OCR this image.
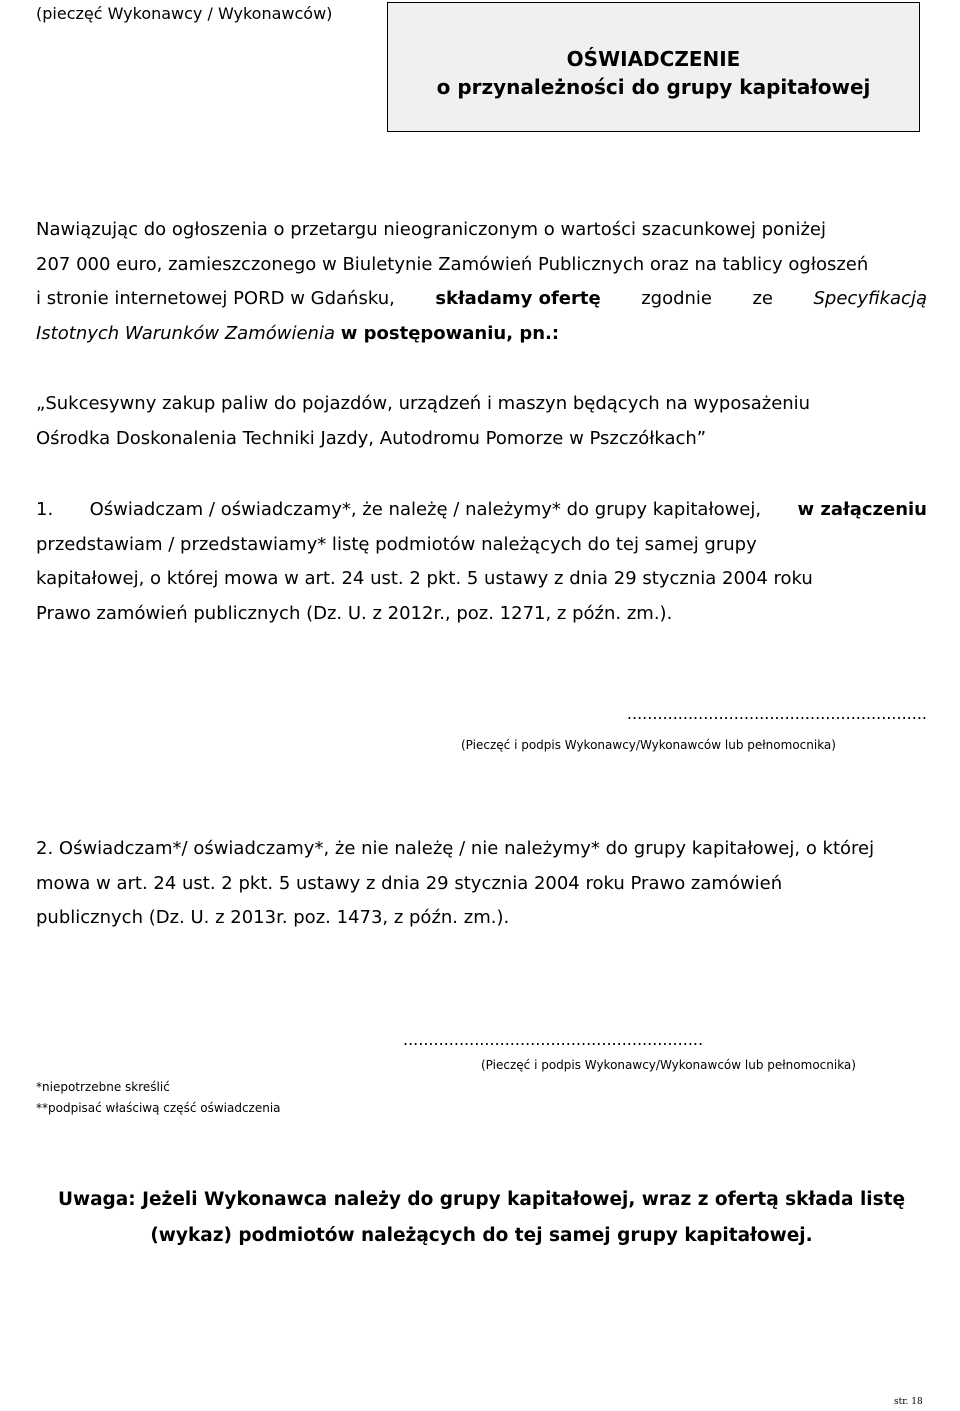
(pieczęć Wykonawcy / Wykonawców)
OŚWIADCZENIE
o przynależności do grupy kapitałowej
Nawiązując do ogłoszenia o przetargu nieograniczonym o wartości szacunkowej poniżej
207 000 euro, zamieszczonego w Biuletynie Zamówień Publicznych oraz na tablicy ogłoszeń
i stronie internetowej PORD w Gdańsku, składamy ofertę zgodnie ze Specyfikacją
Istotnych Warunków Zamówienia w postępowaniu, pn.:
„Sukcesywny zakup paliw do pojazdów, urządzeń i maszyn będących na wyposażeniu
Ośrodka Doskonalenia Techniki Jazdy, Autodromu Pomorze w Pszczółkach”
1. Oświadczam / oświadczamy*, że należę / należymy* do grupy kapitałowej, w załączeniu
przedstawiam / przedstawiamy* listę podmiotów należących do tej samej grupy
kapitałowej, o której mowa w art. 24 ust. 2 pkt. 5 ustawy z dnia 29 stycznia 2004 roku
Prawo zamówień publicznych (Dz. U. z 2012r., poz. 1271, z późn. zm.).
...........................................................
(Pieczęć i podpis Wykonawcy/Wykonawców lub pełnomocnika)
2. Oświadczam*/ oświadczamy*, że nie należę / nie należymy* do grupy kapitałowej, o której
mowa w art. 24 ust. 2 pkt. 5 ustawy z dnia 29 stycznia 2004 roku Prawo zamówień
publicznych (Dz. U. z 2013r. poz. 1473, z późn. zm.).
...........................................................
(Pieczęć i podpis Wykonawcy/Wykonawców lub pełnomocnika)
*niepotrzebne skreślić
**podpisać właściwą część oświadczenia
Uwaga: Jeżeli Wykonawca należy do grupy kapitałowej, wraz z ofertą składa listę
(wykaz) podmiotów należących do tej samej grupy kapitałowej.
str. 18
